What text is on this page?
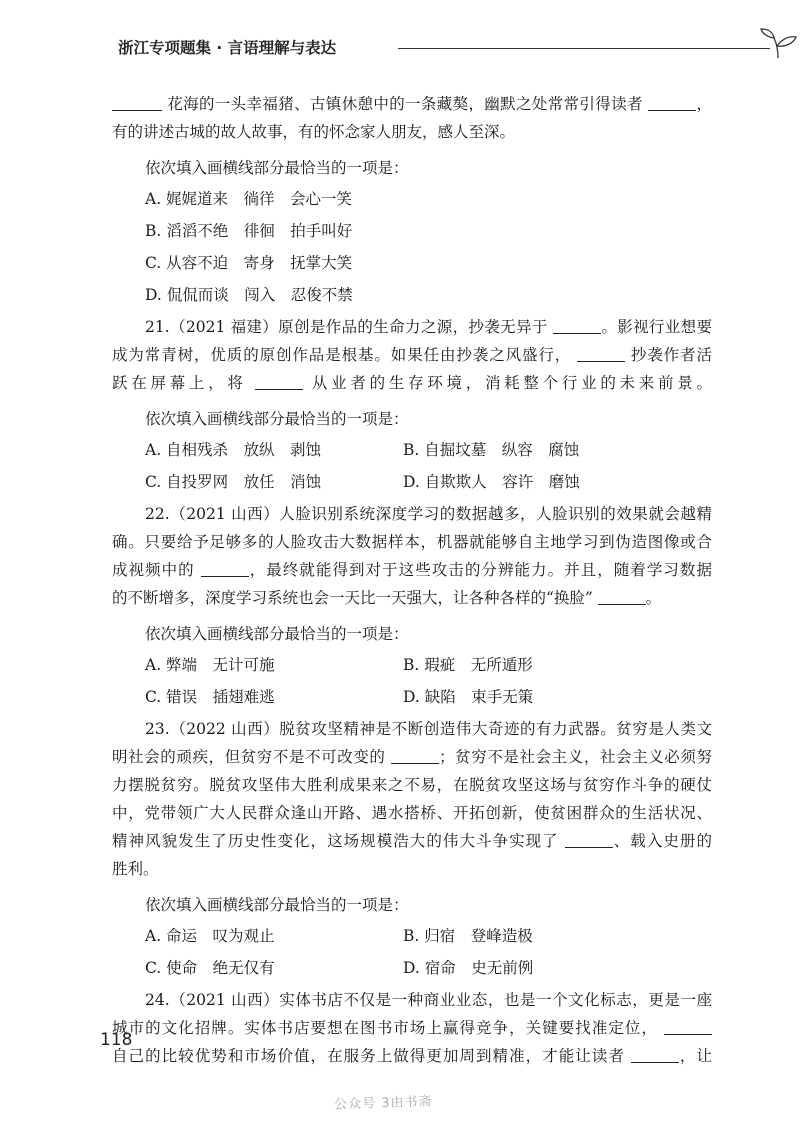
浙江专项题集 · 言语理解与表达
花海的一头幸福猪、古镇休憩中的一条藏獒，幽默之处常常引得读者	，
有的讲述古城的故人故事，有的怀念家人朋友，感人至深。
依次填入画横线部分最恰当的一项是：
A. 娓娓道来　徜徉　会心一笑
B. 滔滔不绝　徘徊　拍手叫好
C. 从容不迫　寄身　抚掌大笑
D. 侃侃而谈　闯入　忍俊不禁
21.（2021 福建）原创是作品的生命力之源，抄袭无异于	。影视行业想要
成为常青树，优质的原创作品是根基。如果任由抄袭之风盛行，	抄袭作者活
跃在屏幕上，将	从业者的生存环境，消耗整个行业的未来前景。
依次填入画横线部分最恰当的一项是：
A. 自相残杀　放纵　剥蚀	B. 自掘坟墓　纵容　腐蚀
C. 自投罗网　放任　消蚀	D. 自欺欺人　容许　磨蚀
22.（2021 山西）人脸识别系统深度学习的数据越多，人脸识别的效果就会越精
确。只要给予足够多的人脸攻击大数据样本，机器就能够自主地学习到伪造图像或合
成视频中的	，最终就能得到对于这些攻击的分辨能力。并且，随着学习数据
的不断增多，深度学习系统也会一天比一天强大，让各种各样的“换脸”	。
依次填入画横线部分最恰当的一项是：
A. 弊端　无计可施	B. 瑕疵　无所遁形
C. 错误　插翅难逃	D. 缺陷　束手无策
23.（2022 山西）脱贫攻坚精神是不断创造伟大奇迹的有力武器。贫穷是人类文
明社会的顽疾，但贫穷不是不可改变的	；贫穷不是社会主义，社会主义必须努
力摆脱贫穷。脱贫攻坚伟大胜利成果来之不易，在脱贫攻坚这场与贫穷作斗争的硬仗
中，党带领广大人民群众逢山开路、遇水搭桥、开拓创新，使贫困群众的生活状况、
精神风貌发生了历史性变化，这场规模浩大的伟大斗争实现了	、载入史册的
胜利。
依次填入画横线部分最恰当的一项是：
A. 命运　叹为观止	B. 归宿　登峰造极
C. 使命　绝无仅有	D. 宿命　史无前例
24.（2021 山西）实体书店不仅是一种商业业态，也是一个文化标志，更是一座
城市的文化招牌。实体书店要想在图书市场上赢得竞争，关键要找准定位，
自己的比较优势和市场价值，在服务上做得更加周到精准，才能让读者	，让
118
公众号 3由书斋
